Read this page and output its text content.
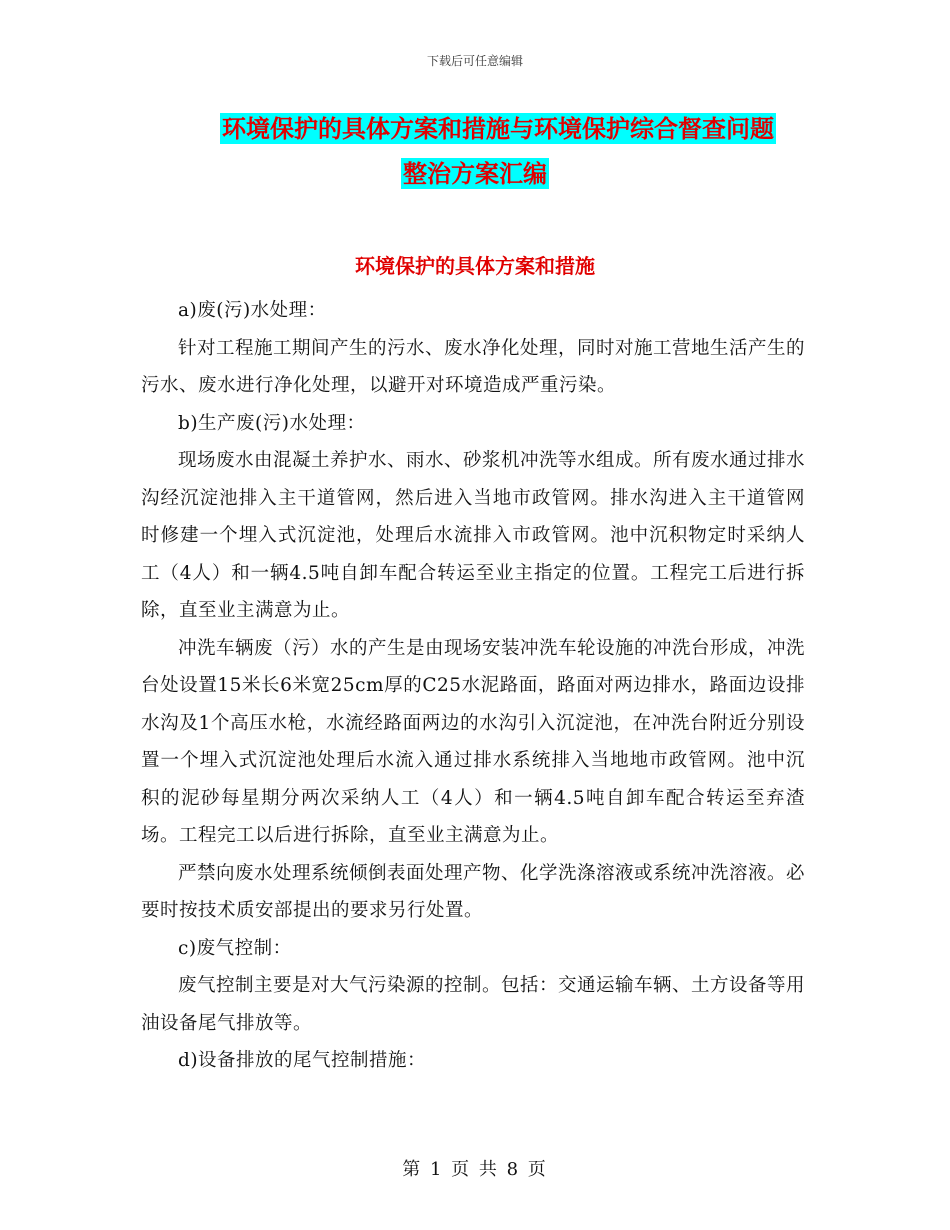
下载后可任意编辑
环境保护的具体方案和措施与环境保护综合督查问题
整治方案汇编
环境保护的具体方案和措施

a)废(污)水处理：

针对工程施工期间产生的污水、废水净化处理，同时对施工营地生活产生的污水、废水进行净化处理，以避开对环境造成严重污染。

b)生产废(污)水处理：

现场废水由混凝土养护水、雨水、砂浆机冲洗等水组成。所有废水通过排水沟经沉淀池排入主干道管网，然后进入当地市政管网。排水沟进入主干道管网时修建一个埋入式沉淀池，处理后水流排入市政管网。池中沉积物定时采纳人工（4人）和一辆4.5吨自卸车配合转运至业主指定的位置。工程完工后进行拆除，直至业主满意为止。

冲洗车辆废（污）水的产生是由现场安装冲洗车轮设施的冲洗台形成，冲洗台处设置15米长6米宽25cm厚的C25水泥路面，路面对两边排水，路面边设排水沟及1个高压水枪，水流经路面两边的水沟引入沉淀池，在冲洗台附近分别设置一个埋入式沉淀池处理后水流入通过排水系统排入当地地市政管网。池中沉积的泥砂每星期分两次采纳人工（4人）和一辆4.5吨自卸车配合转运至弃渣场。工程完工以后进行拆除，直至业主满意为止。

严禁向废水处理系统倾倒表面处理产物、化学洗涤溶液或系统冲洗溶液。必要时按技术质安部提出的要求另行处置。

c)废气控制：

废气控制主要是对大气污染源的控制。包括：交通运输车辆、土方设备等用油设备尾气排放等。

d)设备排放的尾气控制措施：

第 1 页 共 8 页
